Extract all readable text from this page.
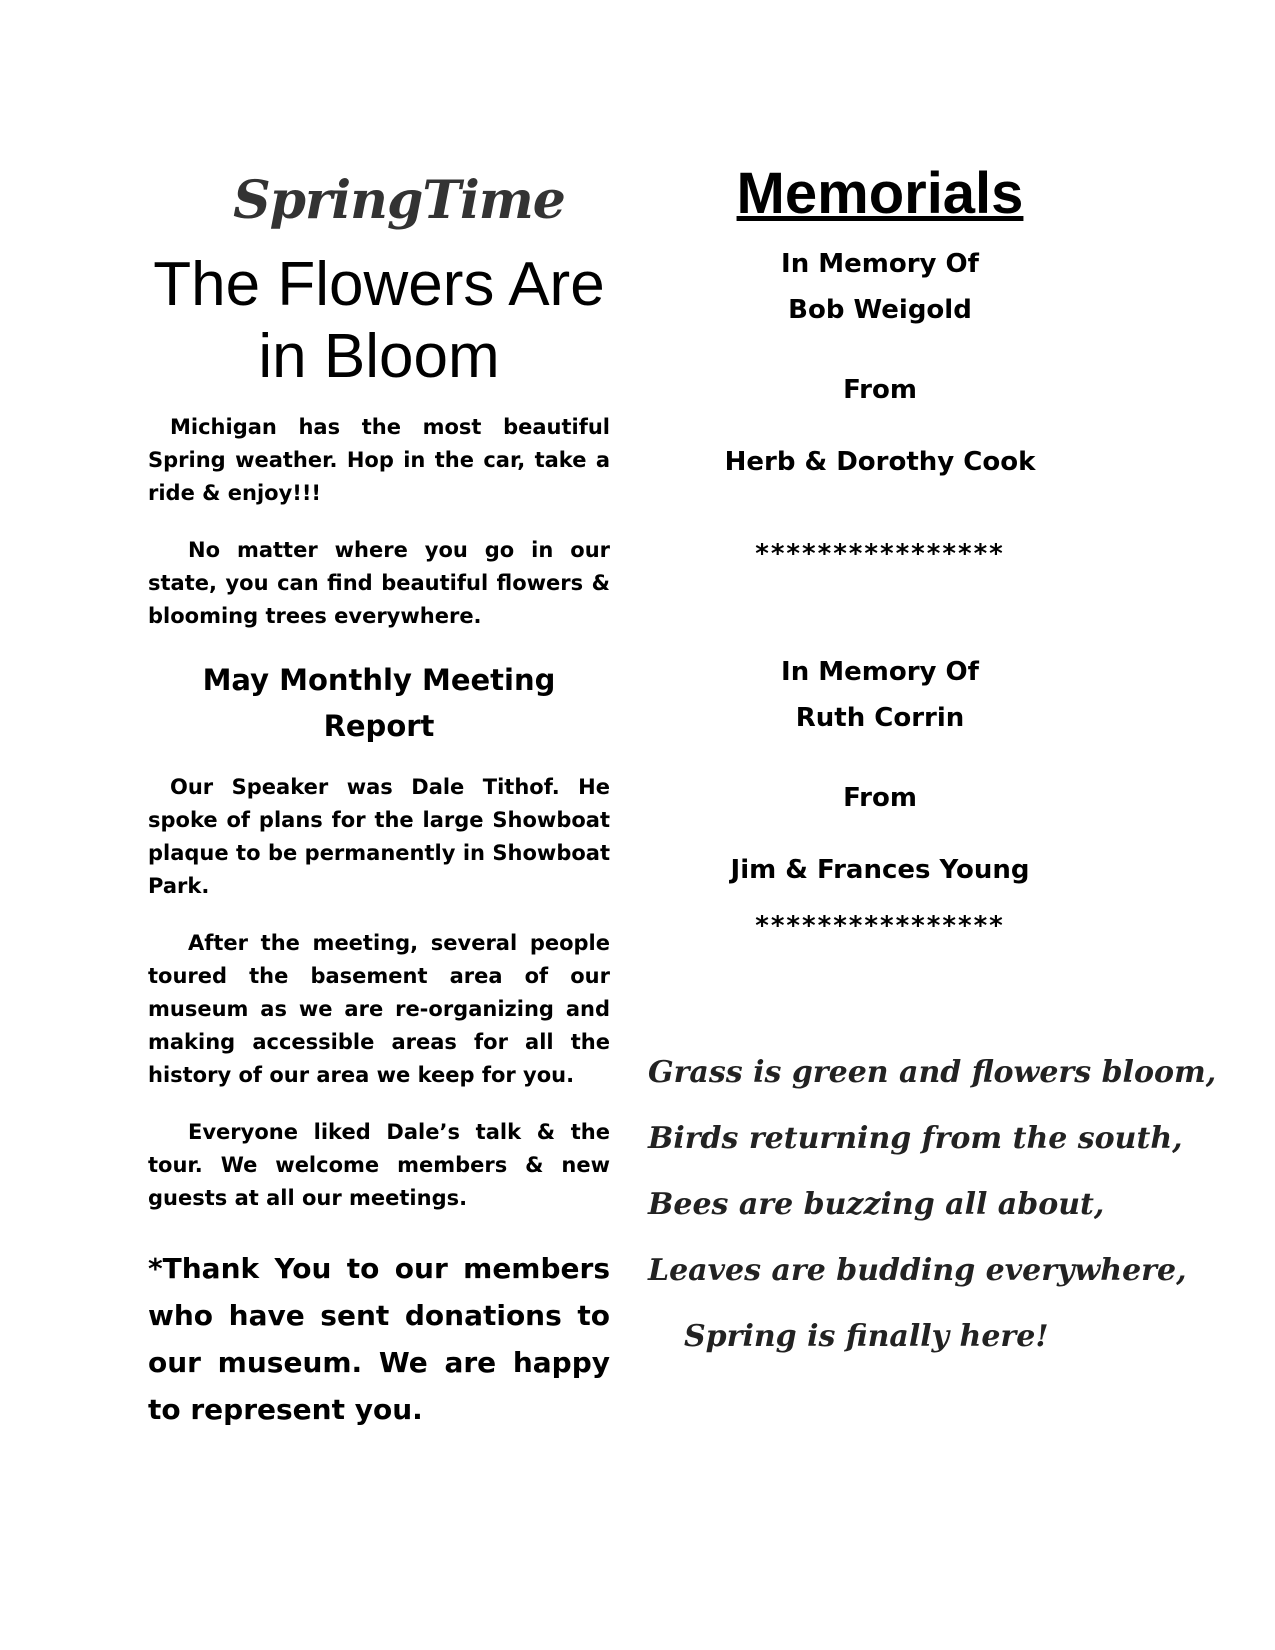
SpringTime
The Flowers Are
in Bloom

Michigan has the most beautiful Spring weather. Hop in the car, take a ride & enjoy!!!

No matter where you go in our state, you can find beautiful flowers & blooming trees everywhere.

May Monthly Meeting
Report

Our Speaker was Dale Tithof. He spoke of plans for the large Showboat plaque to be permanently in Showboat Park.

After the meeting, several people toured the basement area of our museum as we are re-organizing and making accessible areas for all the history of our area we keep for you.

Everyone liked Dale’s talk & the tour. We welcome members & new guests at all our meetings.

*Thank You to our members who have sent donations to our museum. We are happy to represent you.
Memorials

In Memory Of

Bob Weigold

From

Herb & Dorothy Cook

****************

In Memory Of

Ruth Corrin

From

Jim & Frances Young

****************

Grass is green and flowers bloom,

Birds returning from the south,

Bees are buzzing all about,

Leaves are budding everywhere,

Spring is finally here!
